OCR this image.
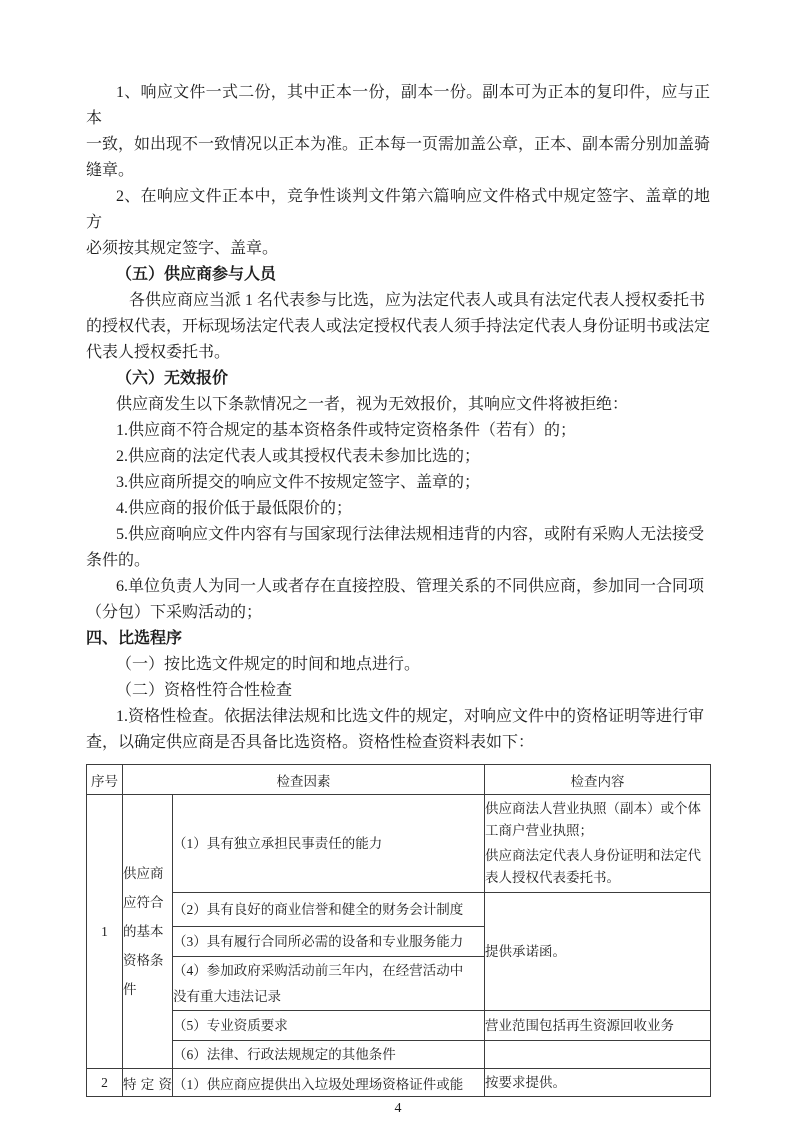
1、响应文件一式二份，其中正本一份，副本一份。副本可为正本的复印件，应与正本
一致，如出现不一致情况以正本为准。正本每一页需加盖公章，正本、副本需分别加盖骑
缝章。

2、在响应文件正本中，竞争性谈判文件第六篇响应文件格式中规定签字、盖章的地方
必须按其规定签字、盖章。

（五）供应商参与人员

各供应商应当派 1 名代表参与比选，应为法定代表人或具有法定代表人授权委托书
的授权代表，开标现场法定代表人或法定授权代表人须手持法定代表人身份证明书或法定
代表人授权委托书。

（六）无效报价

供应商发生以下条款情况之一者，视为无效报价，其响应文件将被拒绝：

1.供应商不符合规定的基本资格条件或特定资格条件（若有）的；

2.供应商的法定代表人或其授权代表未参加比选的；

3.供应商所提交的响应文件不按规定签字、盖章的；

4.供应商的报价低于最低限价的；

5.供应商响应文件内容有与国家现行法律法规相违背的内容，或附有采购人无法接受
条件的。

6.单位负责人为同一人或者存在直接控股、管理关系的不同供应商，参加同一合同项
（分包）下采购活动的；

四、比选程序

（一）按比选文件规定的时间和地点进行。

（二）资格性符合性检查

1.资格性检查。依据法律法规和比选文件的规定，对响应文件中的资格证明等进行审
查，以确定供应商是否具备比选资格。资格性检查资料表如下：

序号	检查因素		检查内容
1	供应商
应符合
的基本
资格条
件	（1）具有独立承担民事责任的能力	
供应商法人营业执照（副本）或个体
工商户营业执照；
供应商法定代表人身份证明和法定代
表人授权代表委托书。

		（2）具有良好的商业信誉和健全的财务会计制度	提供承诺函。
		（3）具有履行合同所必需的设备和专业服务能力	
		（4）参加政府采购活动前三年内，在经营活动中
没有重大违法记录	
		（5）专业资质要求	营业范围包括再生资源回收业务
		（6）法律、行政法规规定的其他条件	
2	特定资	（1）供应商应提供出入垃圾处理场资格证件或能	按要求提供。
4
